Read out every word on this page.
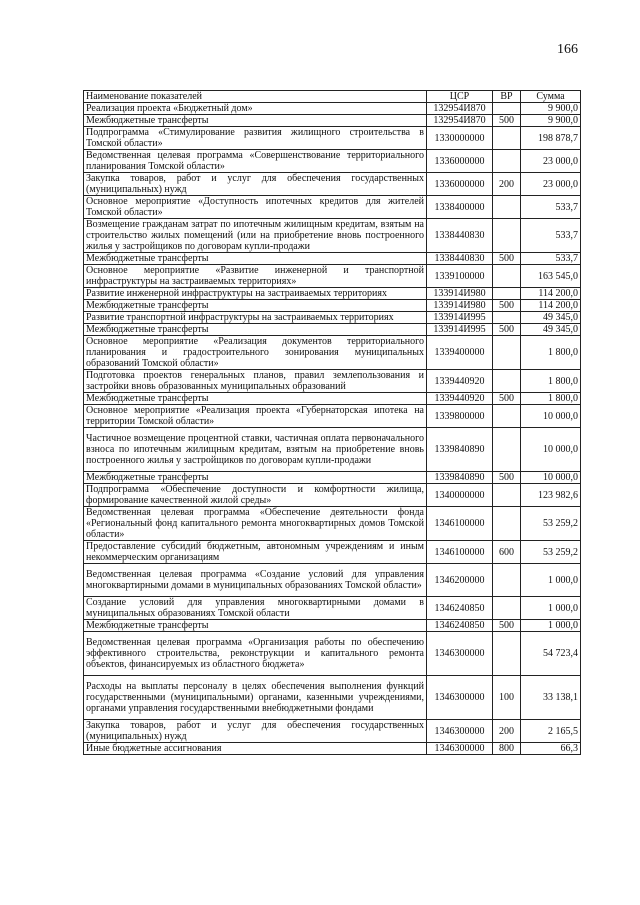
166
Наименование показателей	ЦСР	ВР	Сумма
Реализация проекта «Бюджетный дом»	132954И870		9 900,0
Межбюджетные трансферты	132954И870	500	9 900,0
Подпрограмма «Стимулирование развития жилищного строительства в Томской области»	1330000000		198 878,7
Ведомственная целевая программа «Совершенствование территориального планирования Томской области»	1336000000		23 000,0
Закупка товаров, работ и услуг для обеспечения государственных (муниципальных) нужд	1336000000	200	23 000,0
Основное мероприятие «Доступность ипотечных кредитов для жителей Томской области»	1338400000		533,7
Возмещение гражданам затрат по ипотечным жилищным кредитам, взятым на строительство жилых помещений (или на приобретение вновь построенного жилья у застройщиков по договорам купли-продажи	1338440830		533,7
Межбюджетные трансферты	1338440830	500	533,7
Основное мероприятие «Развитие инженерной и транспортной инфраструктуры на застраиваемых территориях»	1339100000		163 545,0
Развитие инженерной инфраструктуры на застраиваемых территориях	133914И980		114 200,0
Межбюджетные трансферты	133914И980	500	114 200,0
Развитие транспортной инфраструктуры на застраиваемых территориях	133914И995		49 345,0
Межбюджетные трансферты	133914И995	500	49 345,0
Основное мероприятие «Реализация документов территориального планирования и градостроительного зонирования муниципальных образований Томской области»	1339400000		1 800,0
Подготовка проектов генеральных планов, правил землепользования и застройки вновь образованных муниципальных образований	1339440920		1 800,0
Межбюджетные трансферты	1339440920	500	1 800,0
Основное мероприятие «Реализация проекта «Губернаторская ипотека на территории Томской области»	1339800000		10 000,0
Частичное возмещение процентной ставки, частичная оплата первоначального взноса по ипотечным жилищным кредитам, взятым на приобретение вновь построенного жилья у застройщиков по договорам купли-продажи	1339840890		10 000,0
Межбюджетные трансферты	1339840890	500	10 000,0
Подпрограмма «Обеспечение доступности и комфортности жилища, формирование качественной жилой среды»	1340000000		123 982,6
Ведомственная целевая программа «Обеспечение деятельности фонда «Региональный фонд капитального ремонта многоквартирных домов Томской области»	1346100000		53 259,2
Предоставление субсидий бюджетным, автономным учреждениям и иным некоммерческим организациям	1346100000	600	53 259,2
Ведомственная целевая программа «Создание условий для управления многоквартирными домами в муниципальных образованиях Томской области»	1346200000		1 000,0
Создание условий для управления многоквартирными домами в муниципальных образованиях Томской области	1346240850		1 000,0
Межбюджетные трансферты	1346240850	500	1 000,0
Ведомственная целевая программа «Организация работы по обеспечению эффективного строительства, реконструкции и капитального ремонта объектов, финансируемых из областного бюджета»	1346300000		54 723,4
Расходы на выплаты персоналу в целях обеспечения выполнения функций государственными (муниципальными) органами, казенными учреждениями, органами управления государственными внебюджетными фондами	1346300000	100	33 138,1
Закупка товаров, работ и услуг для обеспечения государственных (муниципальных) нужд	1346300000	200	2 165,5
Иные бюджетные ассигнования	1346300000	800	66,3
